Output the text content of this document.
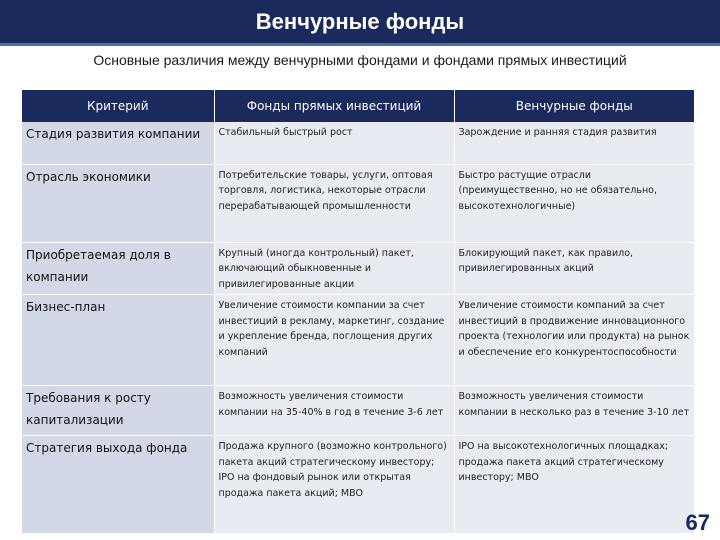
Венчурные фонды
Основные различия между венчурными фондами и фондами прямых инвестиций
Критерий	Фонды прямых инвестиций	Венчурные фонды
Стадия развития компании	Стабильный быстрый рост	Зарождение и ранняя стадия развития
Отрасль экономики	Потребительские товары, услуги, оптовая торговля, логистика, некоторые отрасли перерабатывающей промышленности	Быстро растущие отрасли (преимущественно, но не обязательно, высокотехнологичные)
Приобретаемая доля в компании	Крупный (иногда контрольный) пакет, включающий обыкновенные и привилегированные акции	Блокирующий пакет, как правило, привилегированных акций
Бизнес-план	Увеличение стоимости компании за счет инвестиций в рекламу, маркетинг, создание и укрепление бренда, поглощения других компаний	Увеличение стоимости компаний за счет инвестиций в продвижение инновационного проекта (технологии или продукта) на рынок и обеспечение его конкурентоспособности
Требования к росту капитализации	Возможность увеличения стоимости компании на 35-40% в год в течение 3-6 лет	Возможность увеличения стоимости компании в несколько раз в течение 3-10 лет
Стратегия выхода фонда	Продажа крупного (возможно контрольного) пакета акций стратегическому инвестору; IPO на фондовый рынок или открытая продажа пакета акций; MBO	IPO на высокотехнологичных площадках; продажа пакета акций стратегическому инвестору; MBO
67
